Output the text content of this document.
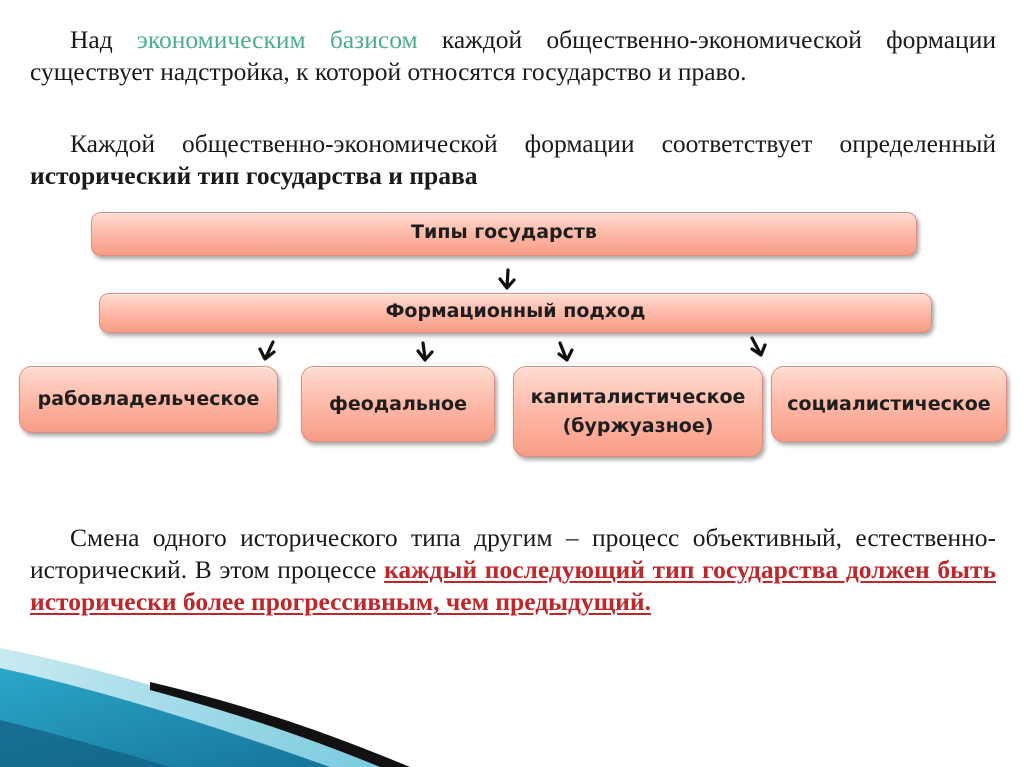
Над экономическим базисом каждой общественно-экономической формации существует надстройка, к которой относятся государство и право.

Каждой общественно-экономической формации соответствует определенный исторический тип государства и права

Типы государств
Формационный подход
рабовладельческое	феодальное	капиталистическое (буржуазное)
социалистическое

Смена одного исторического типа другим – процесс объективный, естественно-исторический. В этом процессе каждый последующий тип государства должен быть исторически более прогрессивным, чем предыдущий.
